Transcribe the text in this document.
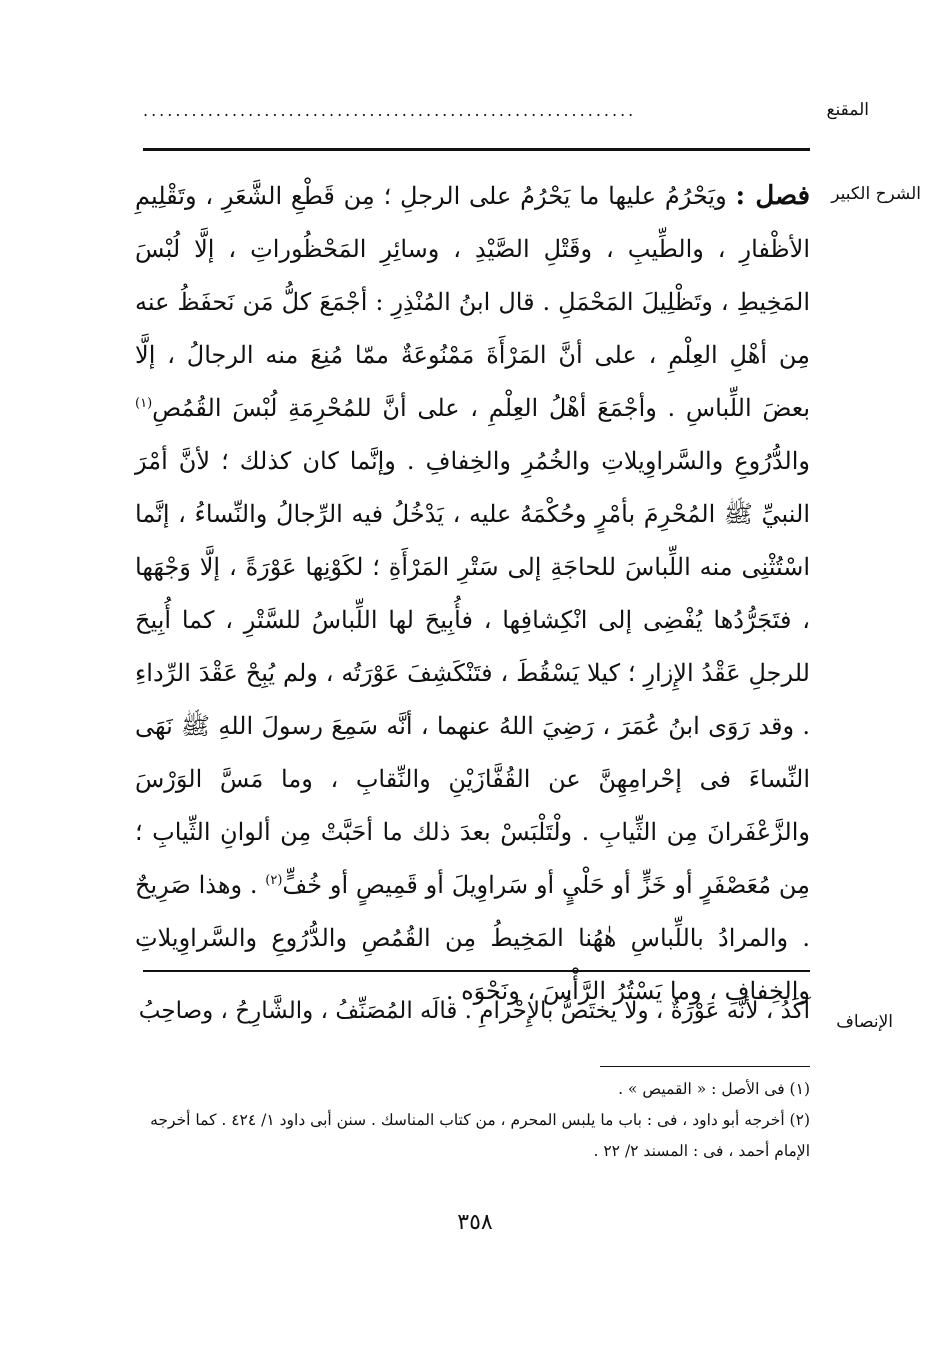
المقنع
.............................................................
الشرح الكبير
فصل : ويَحْرُمُ عليها ما يَحْرُمُ على الرجلِ ؛ مِن قَطْعِ الشَّعَرِ ، وتَقْلِيمِ الأظْفارِ ، والطِّيبِ ، وقَتْلِ الصَّيْدِ ، وسائِرِ المَحْظُوراتِ ، إلَّا لُبْسَ المَخِيطِ ، وتَظْلِيلَ المَحْمَلِ . قال ابنُ المُنْذِرِ : أجْمَعَ كلُّ مَن نَحفَظُ عنه مِن أهْلِ العِلْمِ ، على أنَّ المَرْأَةَ مَمْنُوعَةٌ ممّا مُنِعَ منه الرجالُ ، إلَّا بعضَ اللِّباسِ . وأجْمَعَ أهْلُ العِلْمِ ، على أنَّ للمُحْرِمَةِ لُبْسَ القُمُصِ$^{(١)}$ والدُّرُوعِ والسَّراوِيلاتِ والخُمُرِ والخِفافِ . وإنَّما كان كذلك ؛ لأنَّ أمْرَ النبيِّ ﷺ المُحْرِمَ بأمْرٍ وحُكْمَهُ عليه ، يَدْخُلُ فيه الرِّجالُ والنِّساءُ ، إنَّما اسْتُثْنِى منه اللِّباسَ للحاجَةِ إلى سَتْرِ المَرْأَةِ ؛ لكَوْنِها عَوْرَةً ، إلَّا وَجْهَها ، فتَجَرُّدُها يُفْضِى إلى انْكِشافِها ، فأُبِيحَ لها اللِّباسُ للسَّتْرِ ، كما أُبِيحَ للرجلِ عَقْدُ الإِزارِ ؛ كيلا يَسْقُطَ ، فتَنْكَشِفَ عَوْرَتُه ، ولم يُبِحْ عَقْدَ الرِّداءِ . وقد رَوَى ابنُ عُمَرَ ، رَضِيَ اللهُ عنهما ، أنَّه سَمِعَ رسولَ اللهِ ﷺ نَهَى النِّساءَ فى إحْرامِهِنَّ عن القُفَّازَيْنِ والنِّقابِ ، وما مَسَّ الوَرْسَ والزَّعْفَرانَ مِن الثِّيابِ . ولْتَلْبَسْ بعدَ ذلك ما أحَبَّتْ مِن ألوانِ الثِّيابِ ؛ مِن مُعَصْفَرٍ أو خَزٍّ أو حَلْيٍ أو سَراوِيلَ أو قَمِيصٍ أو خُفٍّ$^{(٢)}$ . وهذا صَرِيحٌ . والمرادُ باللِّباسِ هٰهُنا المَخِيطُ مِن القُمُصِ والدُّرُوعِ والسَّراوِيلاتِ والخِفافِ ، وما يَسْتُرُ الرَّأْسَ ، ونَحْوَه .
الإنصاف
آكَدُ ، لأنَّه عَوْرَةٌ ، ولا يختَصُّ بالإِحْرامِ . قالَه المُصَنِّفُ ، والشَّارِحُ ، وصاحِبُ
(١) فى الأصل : « القميص » .
(٢) أخرجه أبو داود ، فى : باب ما يلبس المحرم ، من كتاب المناسك . سنن أبى داود ١/ ٤٢٤ . كما أخرجه الإمام أحمد ، فى : المسند ٢/ ٢٢ .
٣٥٨
